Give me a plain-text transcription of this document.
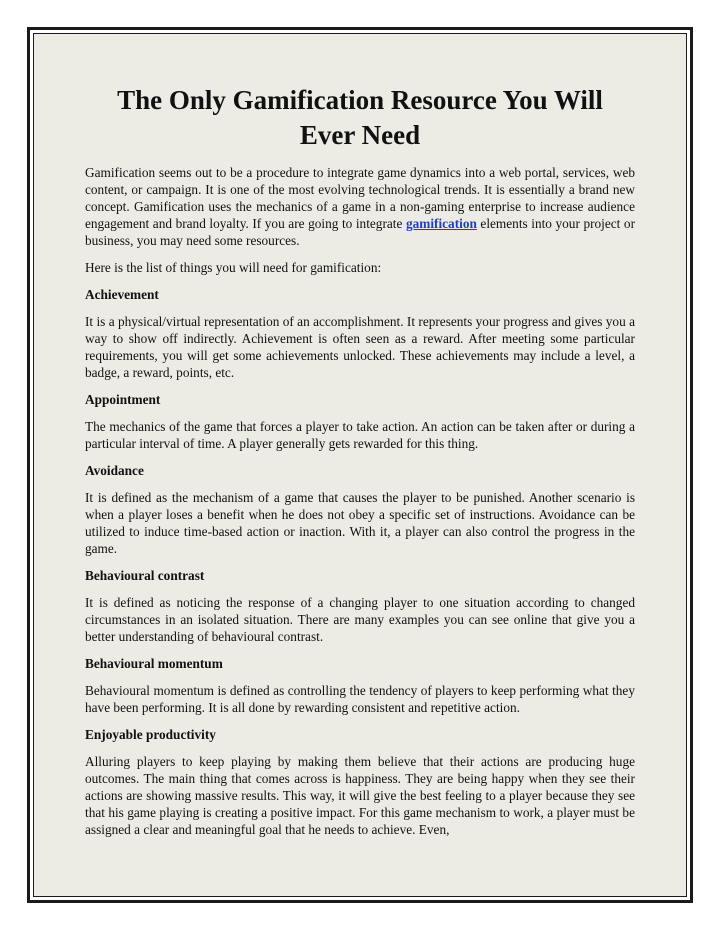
The Only Gamification Resource You Will Ever Need

Gamification seems out to be a procedure to integrate game dynamics into a web portal, services, web content, or campaign. It is one of the most evolving technological trends. It is essentially a brand new concept. Gamification uses the mechanics of a game in a non-gaming enterprise to increase audience engagement and brand loyalty. If you are going to integrate gamification elements into your project or business, you may need some resources.

Here is the list of things you will need for gamification:

Achievement

It is a physical/virtual representation of an accomplishment. It represents your progress and gives you a way to show off indirectly. Achievement is often seen as a reward. After meeting some particular requirements, you will get some achievements unlocked. These achievements may include a level, a badge, a reward, points, etc.

Appointment

The mechanics of the game that forces a player to take action. An action can be taken after or during a particular interval of time. A player generally gets rewarded for this thing.

Avoidance

It is defined as the mechanism of a game that causes the player to be punished. Another scenario is when a player loses a benefit when he does not obey a specific set of instructions. Avoidance can be utilized to induce time-based action or inaction. With it, a player can also control the progress in the game.

Behavioural contrast

It is defined as noticing the response of a changing player to one situation according to changed circumstances in an isolated situation. There are many examples you can see online that give you a better understanding of behavioural contrast.

Behavioural momentum

Behavioural momentum is defined as controlling the tendency of players to keep performing what they have been performing. It is all done by rewarding consistent and repetitive action.

Enjoyable productivity

Alluring players to keep playing by making them believe that their actions are producing huge outcomes. The main thing that comes across is happiness. They are being happy when they see their actions are showing massive results. This way, it will give the best feeling to a player because they see that his game playing is creating a positive impact. For this game mechanism to work, a player must be assigned a clear and meaningful goal that he needs to achieve. Even,
